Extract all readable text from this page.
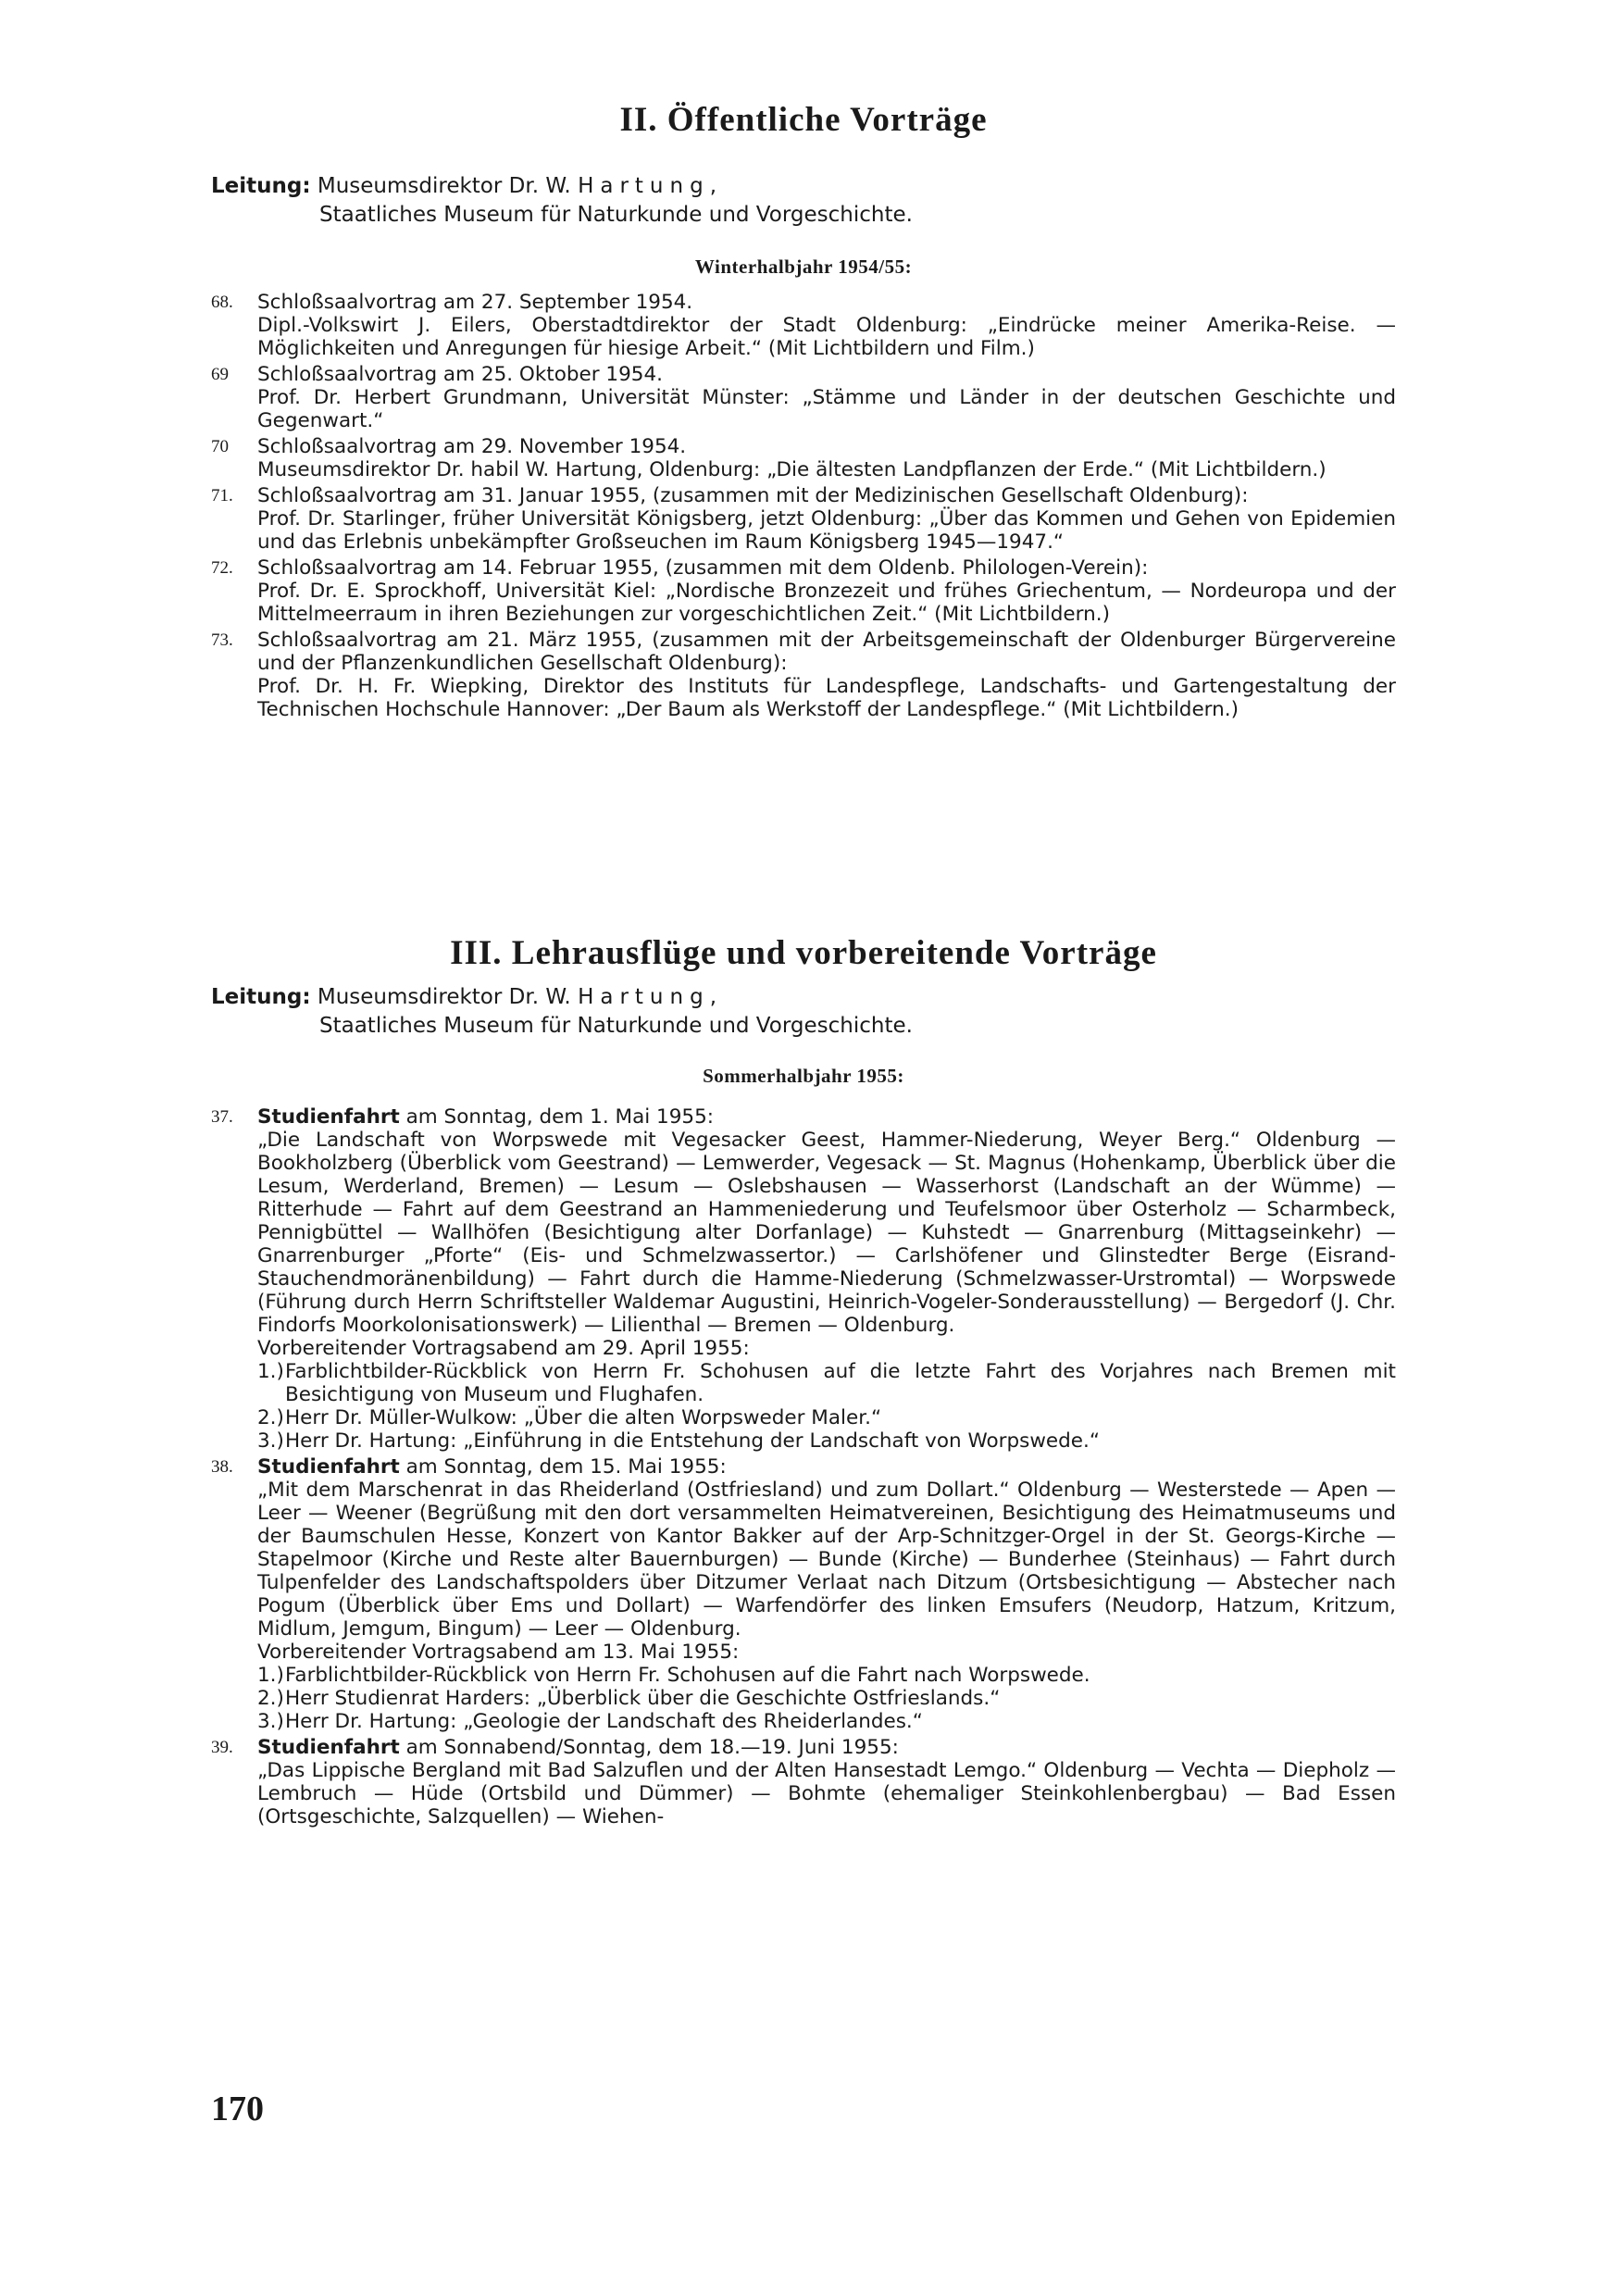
II. Öffentliche Vorträge
Leitung: Museumsdirektor Dr. W. Hartung,
Staatliches Museum für Naturkunde und Vorgeschichte.
Winterhalbjahr 1954/55:
68.	Schloßsaalvortrag am 27. September 1954.

Dipl.-Volkswirt J. Eilers, Oberstadtdirektor der Stadt Oldenburg: „Eindrücke meiner Amerika-Reise. — Möglichkeiten und Anregungen für hiesige Arbeit.“ (Mit Lichtbildern und Film.)

69	Schloßsaalvortrag am 25. Oktober 1954.

Prof. Dr. Herbert Grundmann, Universität Münster: „Stämme und Länder in der deutschen Geschichte und Gegenwart.“

70	Schloßsaalvortrag am 29. November 1954.

Museumsdirektor Dr. habil W. Hartung, Oldenburg: „Die ältesten Landpflanzen der Erde.“ (Mit Lichtbildern.)

71.	Schloßsaalvortrag am 31. Januar 1955, (zusammen mit der Medizinischen Gesellschaft Oldenburg):

Prof. Dr. Starlinger, früher Universität Königsberg, jetzt Oldenburg: „Über das Kommen und Gehen von Epidemien und das Erlebnis unbekämpfter Großseuchen im Raum Königsberg 1945—1947.“

72.	Schloßsaalvortrag am 14. Februar 1955, (zusammen mit dem Oldenb. Philologen-Verein):

Prof. Dr. E. Sprockhoff, Universität Kiel: „Nordische Bronzezeit und frühes Griechentum, — Nordeuropa und der Mittelmeerraum in ihren Beziehungen zur vorgeschichtlichen Zeit.“ (Mit Lichtbildern.)

73.	Schloßsaalvortrag am 21. März 1955, (zusammen mit der Arbeitsgemeinschaft der Oldenburger Bürgervereine und der Pflanzenkundlichen Gesellschaft Oldenburg):

Prof. Dr. H. Fr. Wiepking, Direktor des Instituts für Landespflege, Landschafts- und Gartengestaltung der Technischen Hochschule Hannover: „Der Baum als Werkstoff der Landespflege.“ (Mit Lichtbildern.)

III. Lehrausflüge und vorbereitende Vorträge
Leitung: Museumsdirektor Dr. W. Hartung,
Staatliches Museum für Naturkunde und Vorgeschichte.
Sommerhalbjahr 1955:
37.	Studienfahrt am Sonntag, dem 1. Mai 1955:

„Die Landschaft von Worpswede mit Vegesacker Geest, Hammer-Niederung, Weyer Berg.“ Oldenburg — Bookholzberg (Überblick vom Geestrand) — Lemwerder, Vegesack — St. Magnus (Hohenkamp, Überblick über die Lesum, Werderland, Bremen) — Lesum — Oslebshausen — Wasserhorst (Landschaft an der Wümme) — Ritterhude — Fahrt auf dem Geestrand an Hammeniederung und Teufelsmoor über Osterholz — Scharmbeck, Pennigbüttel — Wallhöfen (Besichtigung alter Dorfanlage) — Kuhstedt — Gnarrenburg (Mittagseinkehr) — Gnarrenburger „Pforte“ (Eis- und Schmelzwassertor.) — Carlshöfener und Glinstedter Berge (Eisrand-Stauchendmoränenbildung) — Fahrt durch die Hamme-Niederung (Schmelzwasser-Urstromtal) — Worpswede (Führung durch Herrn Schriftsteller Waldemar Augustini, Heinrich-Vogeler-Sonderausstellung) — Bergedorf (J. Chr. Findorfs Moorkolonisationswerk) — Lilienthal — Bremen — Oldenburg.

Vorbereitender Vortragsabend am 29. April 1955:

1.) Farblichtbilder-Rückblick von Herrn Fr. Schohusen auf die letzte Fahrt des Vorjahres nach Bremen mit Besichtigung von Museum und Flughafen.
2.) Herr Dr. Müller-Wulkow: „Über die alten Worpsweder Maler.“
3.) Herr Dr. Hartung: „Einführung in die Entstehung der Landschaft von Worpswede.“
38.	Studienfahrt am Sonntag, dem 15. Mai 1955:

„Mit dem Marschenrat in das Rheiderland (Ostfriesland) und zum Dollart.“ Oldenburg — Westerstede — Apen — Leer — Weener (Begrüßung mit den dort versammelten Heimatvereinen, Besichtigung des Heimatmuseums und der Baumschulen Hesse, Konzert von Kantor Bakker auf der Arp-Schnitzger-Orgel in der St. Georgs-Kirche — Stapelmoor (Kirche und Reste alter Bauernburgen) — Bunde (Kirche) — Bunderhee (Steinhaus) — Fahrt durch Tulpenfelder des Landschaftspolders über Ditzumer Verlaat nach Ditzum (Ortsbesichtigung — Abstecher nach Pogum (Überblick über Ems und Dollart) — Warfendörfer des linken Emsufers (Neudorp, Hatzum, Kritzum, Midlum, Jemgum, Bingum) — Leer — Oldenburg.

Vorbereitender Vortragsabend am 13. Mai 1955:

1.) Farblichtbilder-Rückblick von Herrn Fr. Schohusen auf die Fahrt nach Worpswede.
2.) Herr Studienrat Harders: „Überblick über die Geschichte Ostfrieslands.“
3.) Herr Dr. Hartung: „Geologie der Landschaft des Rheiderlandes.“
39.	Studienfahrt am Sonnabend/Sonntag, dem 18.—19. Juni 1955:

„Das Lippische Bergland mit Bad Salzuflen und der Alten Hansestadt Lemgo.“ Oldenburg — Vechta — Diepholz — Lembruch — Hüde (Ortsbild und Dümmer) — Bohmte (ehemaliger Steinkohlenbergbau) — Bad Essen (Ortsgeschichte, Salzquellen) — Wiehen-

170
